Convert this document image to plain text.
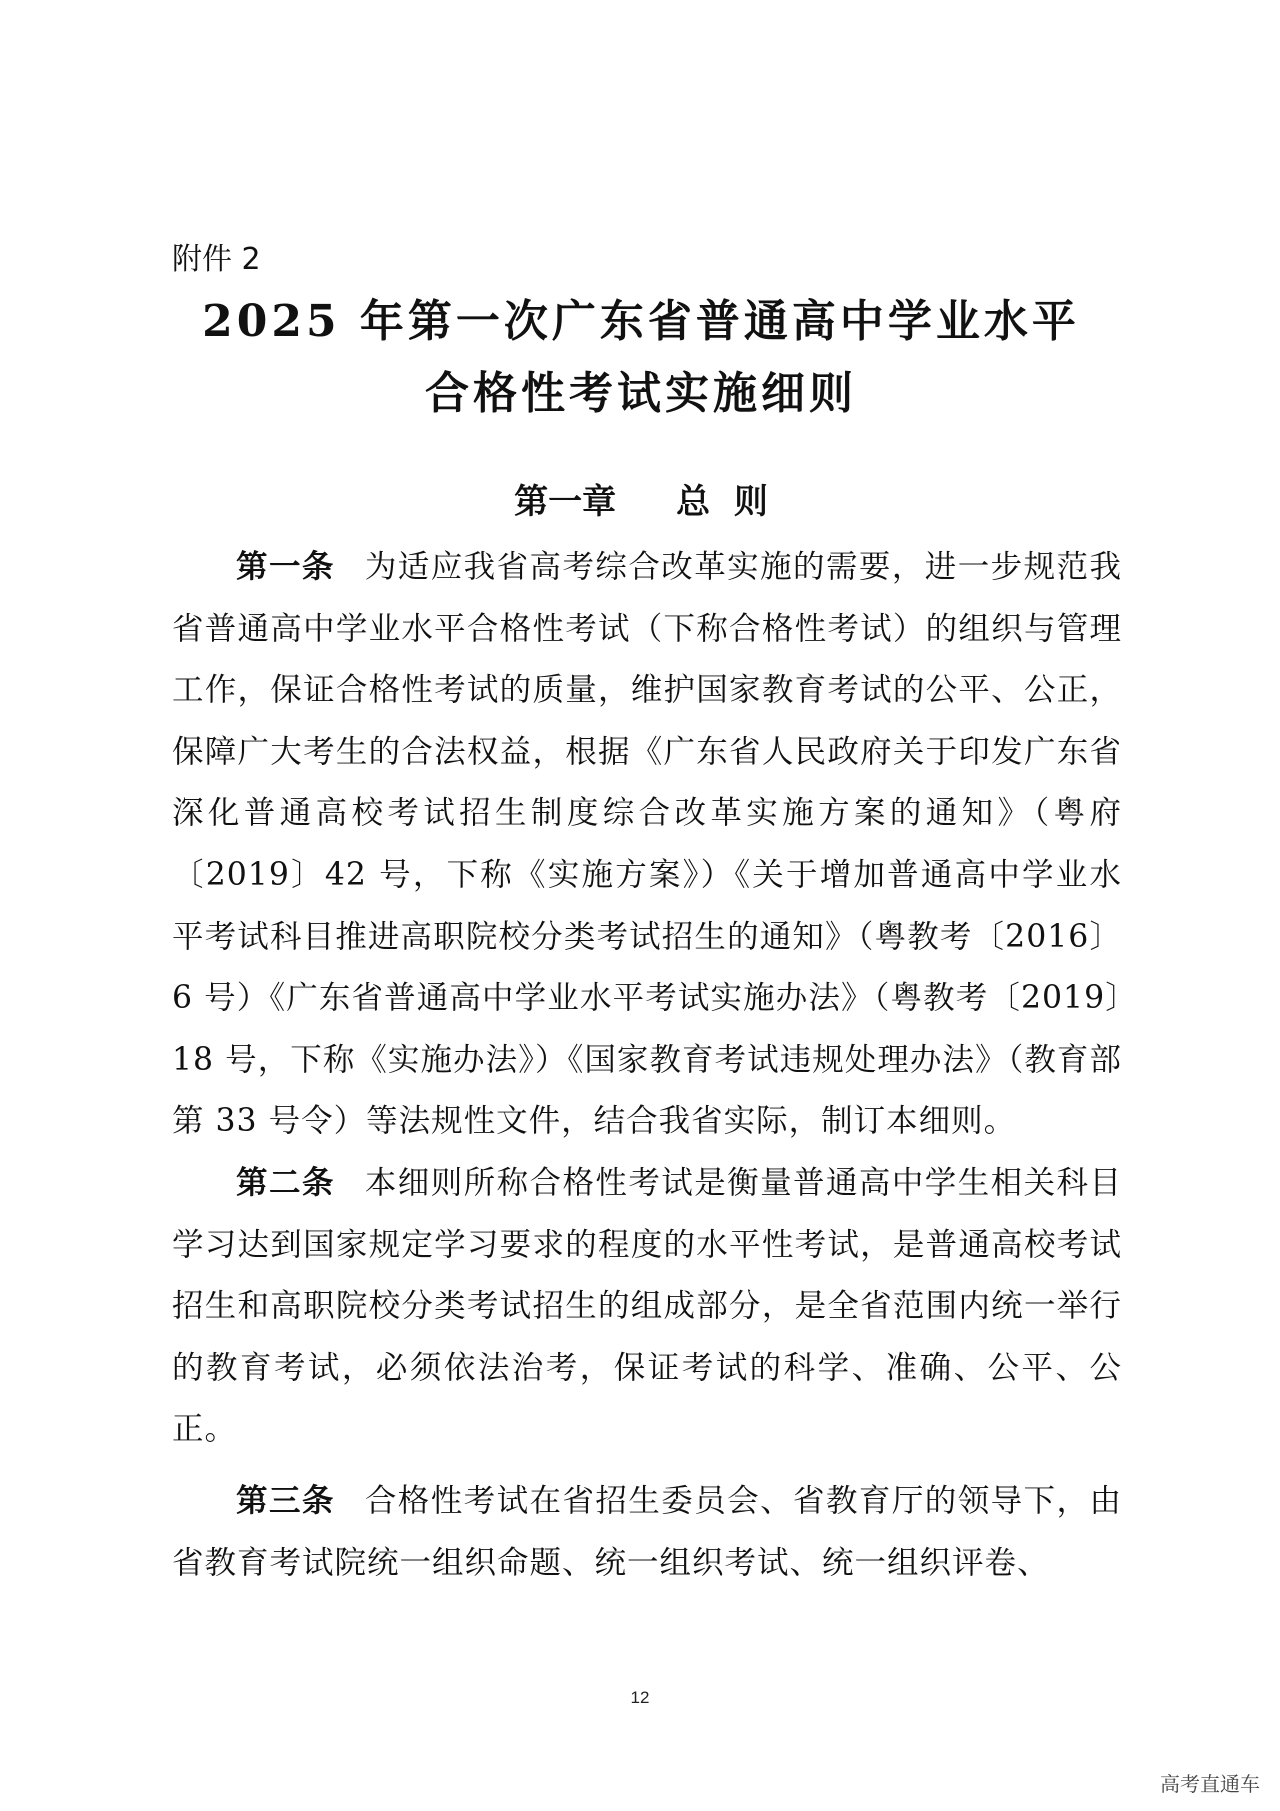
附件 2
2025 年第一次广东省普通高中学业水平
合格性考试实施细则
第一章 总  则

第一条 为适应我省高考综合改革实施的需要，进一步规范我省普通高中学业水平合格性考试（下称合格性考试）的组织与管理工作，保证合格性考试的质量，维护国家教育考试的公平、公正，保障广大考生的合法权益，根据《广东省人民政府关于印发广东省深化普通高校考试招生制度综合改革实施方案的通知》（粤府〔2019〕42 号，下称《实施方案》）《关于增加普通高中学业水平考试科目推进高职院校分类考试招生的通知》（粤教考〔2016〕6 号）《广东省普通高中学业水平考试实施办法》（粤教考〔2019〕18 号，下称《实施办法》）《国家教育考试违规处理办法》（教育部第 33 号令）等法规性文件，结合我省实际，制订本细则。

第二条 本细则所称合格性考试是衡量普通高中学生相关科目学习达到国家规定学习要求的程度的水平性考试，是普通高校考试招生和高职院校分类考试招生的组成部分，是全省范围内统一举行的教育考试，必须依法治考，保证考试的科学、准确、公平、公正。

第三条 合格性考试在省招生委员会、省教育厅的领导下，由省教育考试院统一组织命题、统一组织考试、统一组织评卷、

12
高考直通车
